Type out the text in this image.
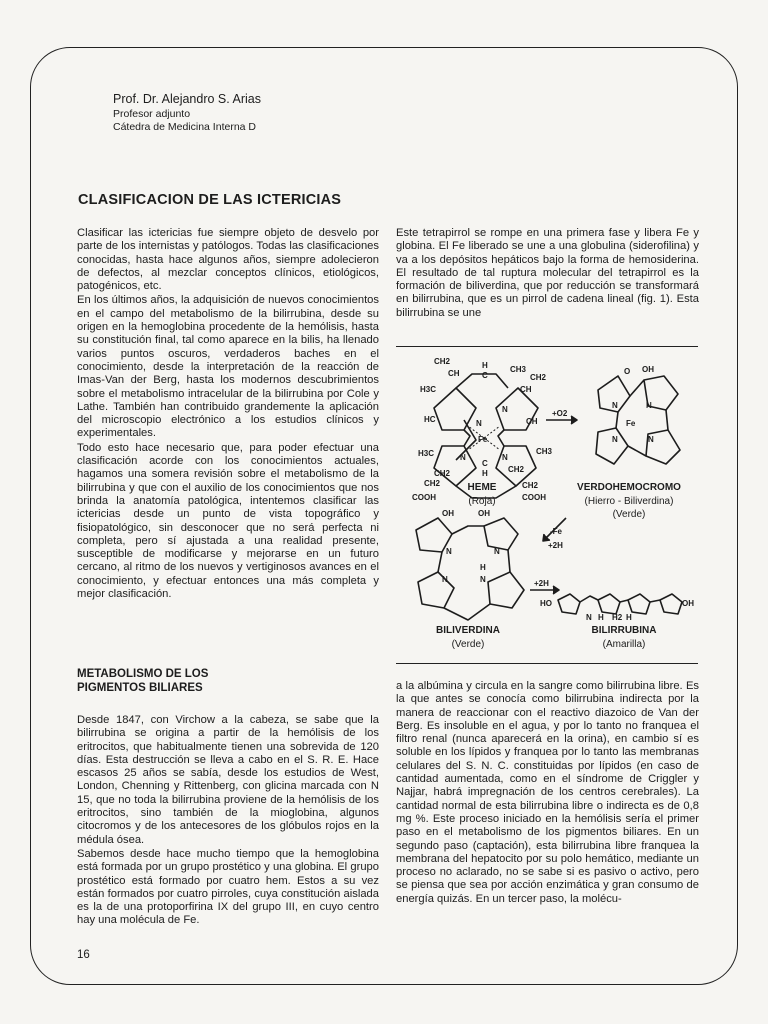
Prof. Dr. Alejandro S. Arias
Profesor adjunto
Cátedra de Medicina Interna D
CLASIFICACION DE LAS ICTERICIAS

Clasificar las ictericias fue siempre objeto de desvelo por parte de los internistas y patólogos. Todas las clasificaciones conocidas, hasta hace algunos años, siempre adolecieron de defectos, al mezclar conceptos clínicos, etiológicos, patogénicos, etc.

En los últimos años, la adquisición de nuevos conocimientos en el campo del metabolismo de la bilirrubina, desde su origen en la hemoglobina procedente de la hemólisis, hasta su constitución final, tal como aparece en la bilis, ha llenado varios puntos oscuros, verdaderos baches en el conocimiento, desde la interpretación de la reacción de Imas-Van der Berg, hasta los modernos descubrimientos sobre el metabolismo intracelular de la bilirrubina por Cole y Lathe. También han contribuido grandemente la aplicación del microscopio electrónico a los estudios clínicos y experimentales.

Todo esto hace necesario que, para poder efectuar una clasificación acorde con los conocimientos actuales, hagamos una somera revisión sobre el metabolismo de la bilirrubina y que con el auxilio de los conocimientos que nos brinda la anatomía patológica, intentemos clasificar las ictericias desde un punto de vista topográfico y fisiopatológico, sin desconocer que no será perfecta ni completa, pero sí ajustada a una realidad presente, susceptible de modificarse y mejorarse en un futuro cercano, al ritmo de los nuevos y vertiginosos avances en el conocimiento, y efectuar entonces una más completa y mejor clasificación.

METABOLISMO DE LOS
PIGMENTOS BILIARES

Desde 1847, con Virchow a la cabeza, se sabe que la bilirrubina se origina a partir de la hemólisis de los eritrocitos, que habitualmente tienen una sobrevida de 120 días. Esta destrucción se lleva a cabo en el S. R. E. Hace escasos 25 años se sabía, desde los estudios de West, London, Chenning y Rittenberg, con glicina marcada con N 15, que no toda la bilirrubina proviene de la hemólisis de los eritrocitos, sino también de la mioglobina, algunos citocromos y de los antecesores de los glóbulos rojos en la médula ósea.

Sabemos desde hace mucho tiempo que la hemoglobina está formada por un grupo prostético y una globina. El grupo prostético está formado por cuatro hem. Estos a su vez están formados por cuatro pirroles, cuya constitución aislada es la de una protoporfirina IX del grupo III, en cuyo centro hay una molécula de Fe.

Este tetrapirrol se rompe en una primera fase y libera Fe y globina. El Fe liberado se une a una globulina (siderofilina) y va a los depósitos hepáticos bajo la forma de hemosiderina. El resultado de tal ruptura molecular del tetrapirrol es la formación de biliverdina, que por reducción se transformará en bilirrubina, que es un pirrol de cadena lineal (fig. 1). Esta bilirrubina se une

CH2
CH
H
C
CH3
CH2
CH
H3C
HC	CH
N
N
Fe
N	N
CH3
H3C
CH2
C
H	CH2
CH2	CH2
COOH	COOH
+O2
O OH
N	N
Fe
N	N
-Fe
+2H
OH	OH
N	N
H
N	N	+2H
HO
N H H2 H
OH
HEME
(Roja)
VERDOHEMOCROMO
(Hierro - Biliverdina)
(Verde)
BILIVERDINA
(Verde)
BILIRRUBINA
(Amarilla)

a la albúmina y circula en la sangre como bilirrubina libre. Es la que antes se conocía como bilirrubina indirecta por la manera de reaccionar con el reactivo diazoico de Van der Berg. Es insoluble en el agua, y por lo tanto no franquea el filtro renal (nunca aparecerá en la orina), en cambio sí es soluble en los lípidos y franquea por lo tanto las membranas celulares del S. N. C. constituidas por lípidos (en caso de cantidad aumentada, como en el síndrome de Criggler y Najjar, habrá impregnación de los centros cerebrales). La cantidad normal de esta bilirrubina libre o indirecta es de 0,8 mg %. Este proceso iniciado en la hemólisis sería el primer paso en el metabolismo de los pigmentos biliares. En un segundo paso (captación), esta bilirrubina libre franquea la membrana del hepatocito por su polo hemático, mediante un proceso no aclarado, no se sabe si es pasivo o activo, pero se piensa que sea por acción enzimática y gran consumo de energía quizás. En un tercer paso, la molécu-

16
